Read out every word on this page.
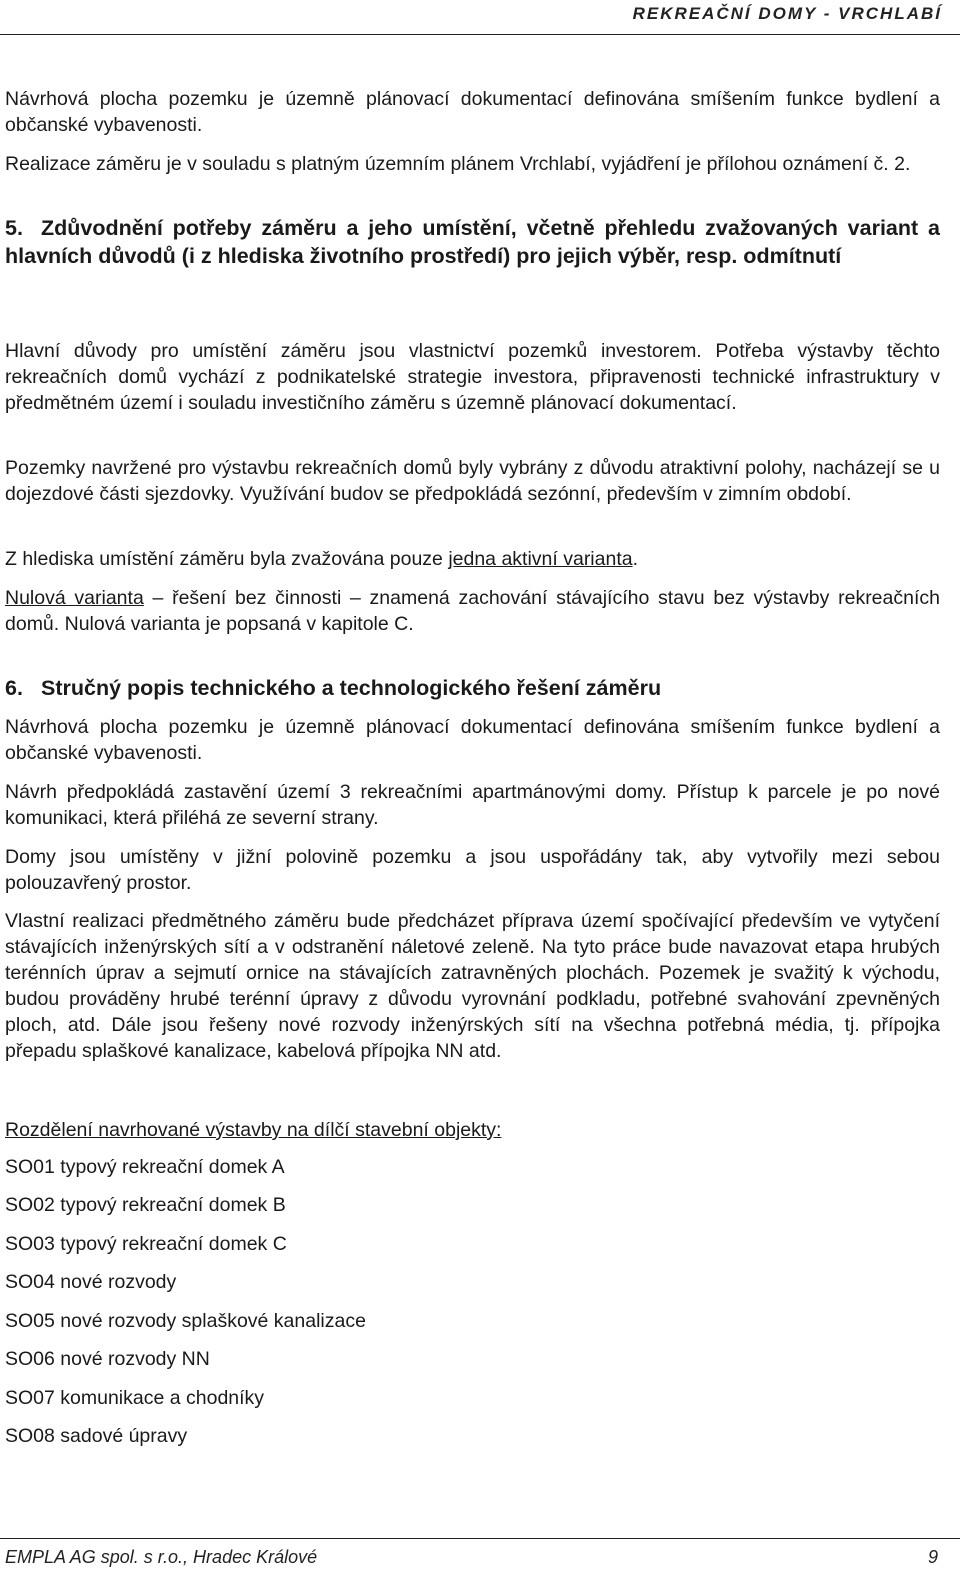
REKREAČNÍ DOMY - VRCHLABÍ
Návrhová plocha pozemku je územně plánovací dokumentací definována smíšením funkce bydlení a občanské vybavenosti.
Realizace záměru je v souladu s platným územním plánem Vrchlabí, vyjádření je přílohou oznámení č. 2.
5. Zdůvodnění potřeby záměru a jeho umístění, včetně přehledu zvažovaných variant a hlavních důvodů (i z hlediska životního prostředí) pro jejich výběr, resp. odmítnutí
Hlavní důvody pro umístění záměru jsou vlastnictví pozemků investorem. Potřeba výstavby těchto rekreačních domů vychází z podnikatelské strategie investora, připravenosti technické infrastruktury v předmětném území i souladu investičního záměru s územně plánovací dokumentací.
Pozemky navržené pro výstavbu rekreačních domů byly vybrány z důvodu atraktivní polohy, nacházejí se u dojezdové části sjezdovky. Využívání budov se předpokládá sezónní, především v zimním období.
Z hlediska umístění záměru byla zvažována pouze jedna aktivní varianta.
Nulová varianta – řešení bez činnosti – znamená zachování stávajícího stavu bez výstavby rekreačních domů. Nulová varianta je popsaná v kapitole C.
6. Stručný popis technického a technologického řešení záměru
Návrhová plocha pozemku je územně plánovací dokumentací definována smíšením funkce bydlení a občanské vybavenosti.
Návrh předpokládá zastavění území 3 rekreačními apartmánovými domy. Přístup k parcele je po nové komunikaci, která přiléhá ze severní strany.
Domy jsou umístěny v jižní polovině pozemku a jsou uspořádány tak, aby vytvořily mezi sebou polouzavřený prostor.
Vlastní realizaci předmětného záměru bude předcházet příprava území spočívající především ve vytyčení stávajících inženýrských sítí a v odstranění náletové zeleně. Na tyto práce bude navazovat etapa hrubých terénních úprav a sejmutí ornice na stávajících zatravněných plochách. Pozemek je svažitý k východu, budou prováděny hrubé terénní úpravy z důvodu vyrovnání podkladu, potřebné svahování zpevněných ploch, atd. Dále jsou řešeny nové rozvody inženýrských sítí na všechna potřebná média, tj. přípojka přepadu splaškové kanalizace, kabelová přípojka NN atd.
Rozdělení navrhované výstavby na dílčí stavební objekty:
SO01 typový rekreační domek A
SO02 typový rekreační domek B
SO03 typový rekreační domek C
SO04 nové rozvody
SO05 nové rozvody splaškové kanalizace
SO06 nové rozvody NN
SO07 komunikace a chodníky
SO08 sadové úpravy
EMPLA AG spol. s r.o., Hradec Králové	9
